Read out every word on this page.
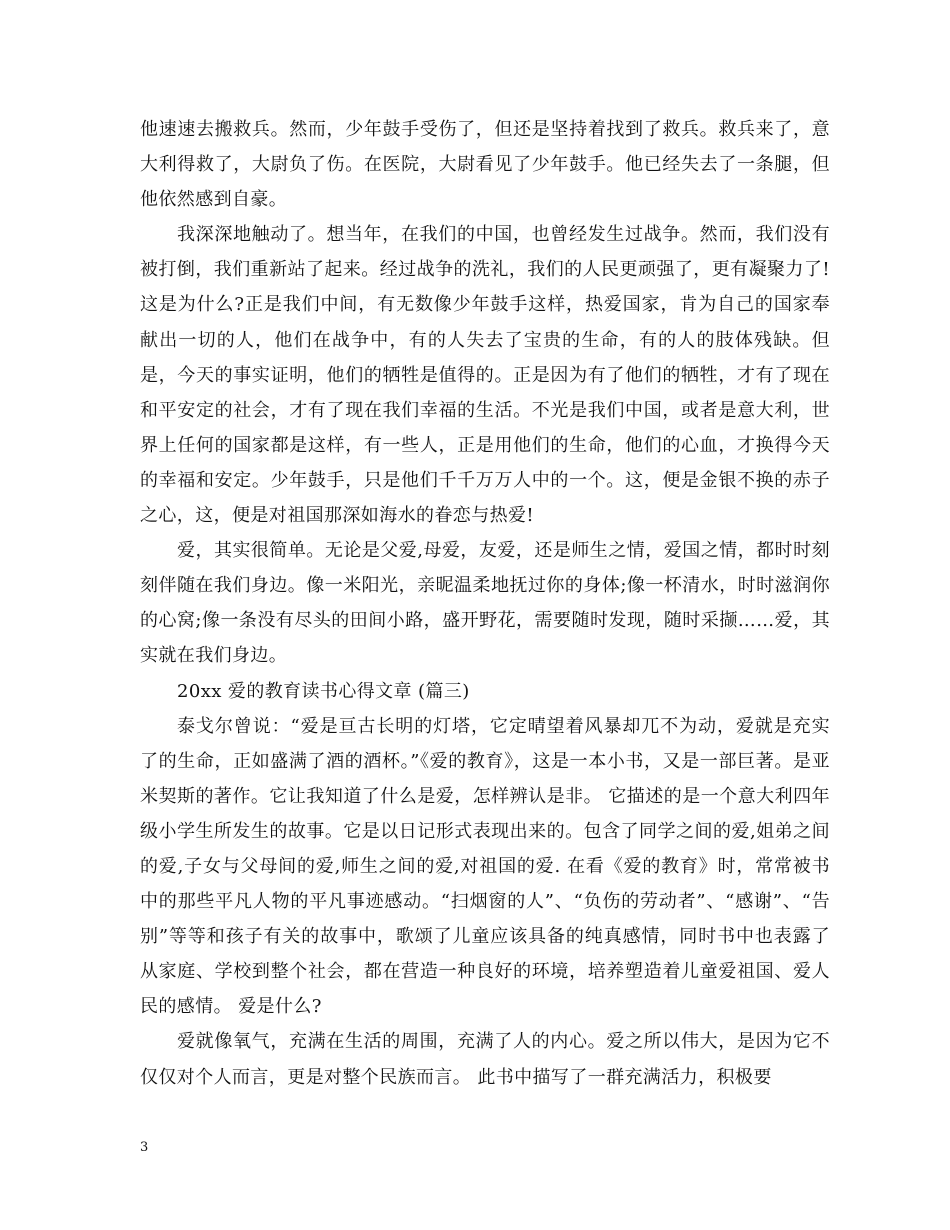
他速速去搬救兵。然而，少年鼓手受伤了，但还是坚持着找到了救兵。救兵来了，意大利得救了，大尉负了伤。在医院，大尉看见了少年鼓手。他已经失去了一条腿，但他依然感到自豪。

我深深地触动了。想当年，在我们的中国，也曾经发生过战争。然而，我们没有被打倒，我们重新站了起来。经过战争的洗礼，我们的人民更顽强了，更有凝聚力了!这是为什么?正是我们中间，有无数像少年鼓手这样，热爱国家，肯为自己的国家奉献出一切的人，他们在战争中，有的人失去了宝贵的生命，有的人的肢体残缺。但是，今天的事实证明，他们的牺牲是值得的。正是因为有了他们的牺牲，才有了现在和平安定的社会，才有了现在我们幸福的生活。不光是我们中国，或者是意大利，世界上任何的国家都是这样，有一些人，正是用他们的生命，他们的心血，才换得今天的幸福和安定。少年鼓手，只是他们千千万万人中的一个。这，便是金银不换的赤子之心，这，便是对祖国那深如海水的眷恋与热爱!

爱，其实很简单。无论是父爱,母爱，友爱，还是师生之情，爱国之情，都时时刻刻伴随在我们身边。像一米阳光，亲昵温柔地抚过你的身体;像一杯清水，时时滋润你的心窝;像一条没有尽头的田间小路，盛开野花，需要随时发现，随时采撷……爱，其实就在我们身边。

20xx 爱的教育读书心得文章 (篇三)

泰戈尔曾说：“爱是亘古长明的灯塔，它定晴望着风暴却兀不为动，爱就是充实了的生命，正如盛满了酒的酒杯。”《爱的教育》，这是一本小书，又是一部巨著。是亚米契斯的著作。它让我知道了什么是爱，怎样辨认是非。 它描述的是一个意大利四年级小学生所发生的故事。它是以日记形式表现出来的。包含了同学之间的爱,姐弟之间的爱,子女与父母间的爱,师生之间的爱,对祖国的爱. 在看《爱的教育》时，常常被书中的那些平凡人物的平凡事迹感动。“扫烟窗的人”、“负伤的劳动者”、“感谢”、“告别”等等和孩子有关的故事中，歌颂了儿童应该具备的纯真感情，同时书中也表露了从家庭、学校到整个社会，都在营造一种良好的环境，培养塑造着儿童爱祖国、爱人民的感情。 爱是什么?

爱就像氧气，充满在生活的周围，充满了人的内心。爱之所以伟大，是因为它不仅仅对个人而言，更是对整个民族而言。 此书中描写了一群充满活力，积极要

3
